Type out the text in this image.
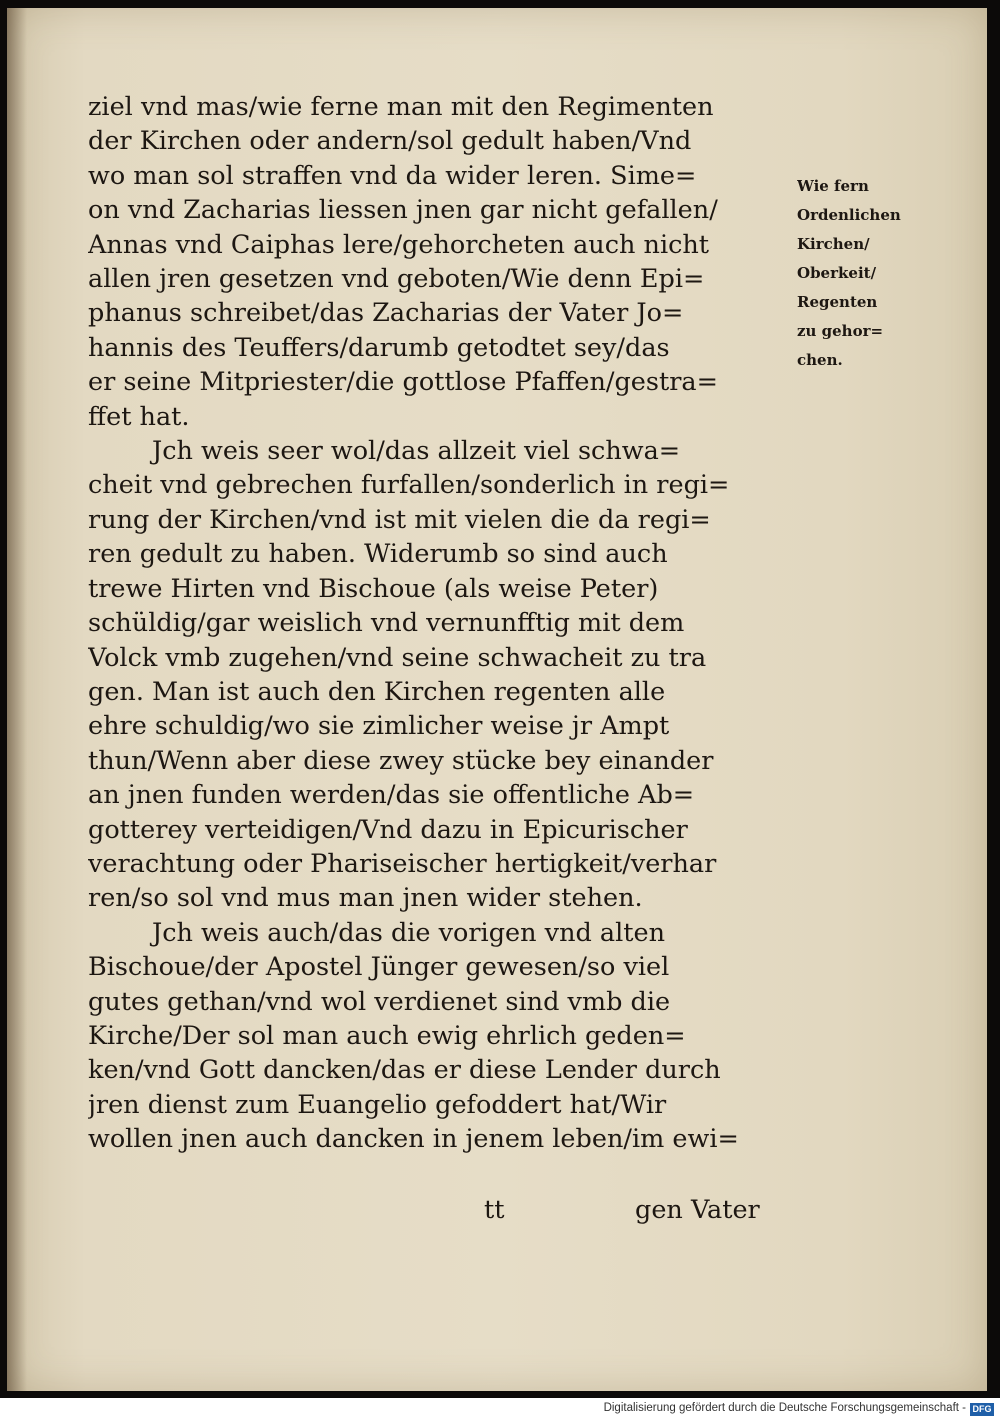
ziel vnd mas/wie ferne man mit den Regimenten
der Kirchen oder andern/sol gedult haben/Vnd
wo man sol straffen vnd da wider leren. Sime=
on vnd Zacharias liessen jnen gar nicht gefallen/
Annas vnd Caiphas lere/gehorcheten auch nicht
allen jren gesetzen vnd geboten/Wie denn Epi=
phanus schreibet/das Zacharias der Vater Jo=
hannis des Teuffers/darumb getodtet sey/das
er seine Mitpriester/die gottlose Pfaffen/gestra=
ffet hat.
Jch weis seer wol/das allzeit viel schwa=
cheit vnd gebrechen furfallen/sonderlich in regi=
rung der Kirchen/vnd ist mit vielen die da regi=
ren gedult zu haben. Widerumb so sind auch
trewe Hirten vnd Bischoue (als weise Peter)
schüldig/gar weislich vnd vernunfftig mit dem
Volck vmb zugehen/vnd seine schwacheit zu tra
gen. Man ist auch den Kirchen regenten alle
ehre schuldig/wo sie zimlicher weise jr Ampt
thun/Wenn aber diese zwey stücke bey einander
an jnen funden werden/das sie offentliche Ab=
gotterey verteidigen/Vnd dazu in Epicurischer
verachtung oder Phariseischer hertigkeit/verhar
ren/so sol vnd mus man jnen wider stehen.
Jch weis auch/das die vorigen vnd alten
Bischoue/der Apostel Jünger gewesen/so viel
gutes gethan/vnd wol verdienet sind vmb die
Kirche/Der sol man auch ewig ehrlich geden=
ken/vnd Gott dancken/das er diese Lender durch
jren dienst zum Euangelio gefoddert hat/Wir
wollen jnen auch dancken in jenem leben/im ewi=
Wie fern
Ordenlichen
Kirchen/
Oberkeit/
Regenten
zu gehor=
chen.
tt	gen Vater
Digitalisierung gefördert durch die Deutsche Forschungsgemeinschaft - DFG
